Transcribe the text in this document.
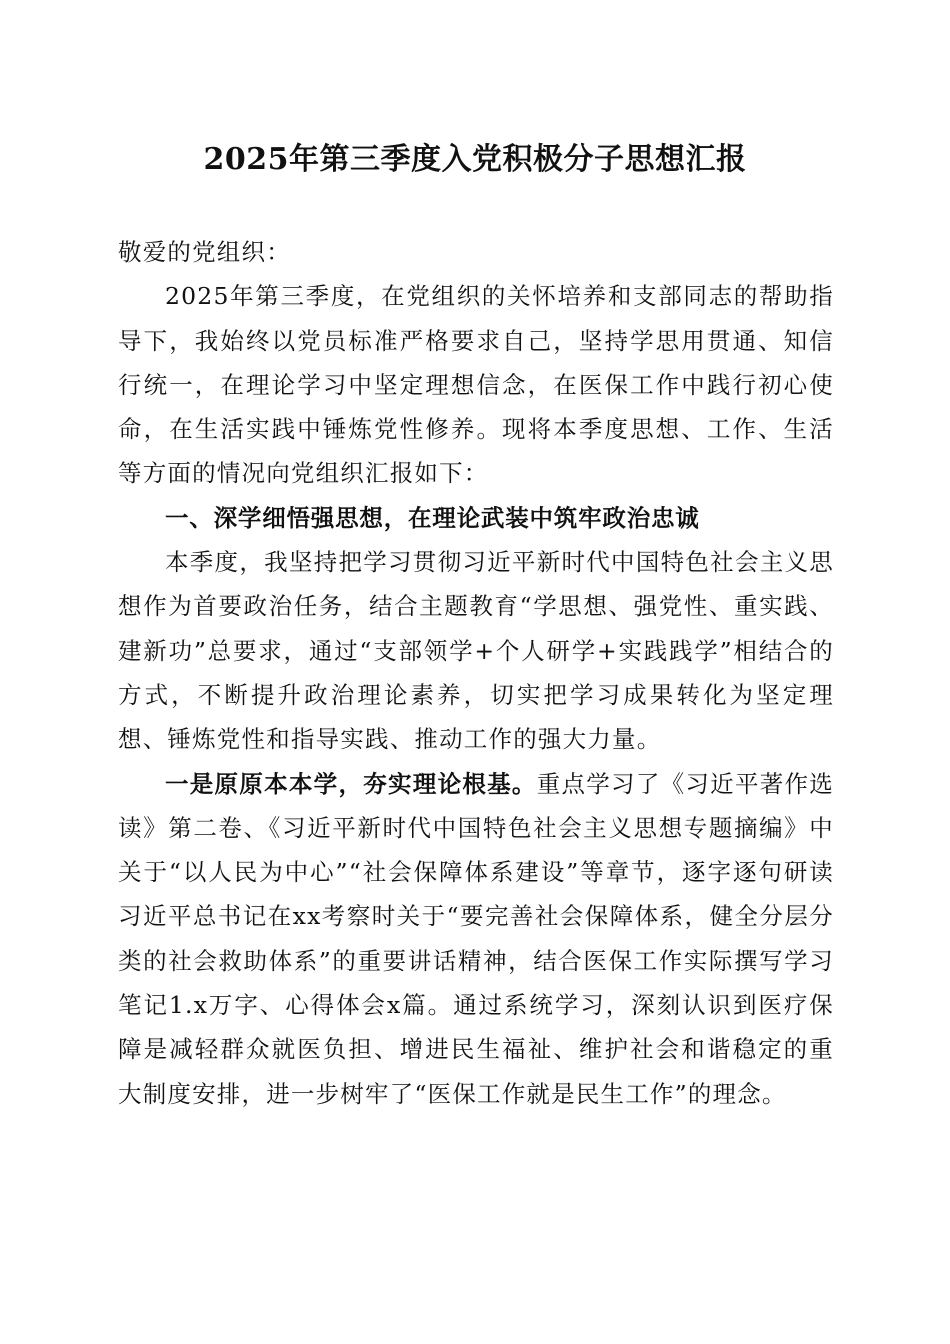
2025年第三季度入党积极分子思想汇报

敬爱的党组织：

2025年第三季度，在党组织的关怀培养和支部同志的帮助指导下，我始终以党员标准严格要求自己，坚持学思用贯通、知信行统一，在理论学习中坚定理想信念，在医保工作中践行初心使命，在生活实践中锤炼党性修养。现将本季度思想、工作、生活等方面的情况向党组织汇报如下：

一、深学细悟强思想，在理论武装中筑牢政治忠诚

本季度，我坚持把学习贯彻习近平新时代中国特色社会主义思想作为首要政治任务，结合主题教育“学思想、强党性、重实践、建新功”总要求，通过“支部领学+个人研学+实践践学”相结合的方式，不断提升政治理论素养，切实把学习成果转化为坚定理想、锤炼党性和指导实践、推动工作的强大力量。

一是原原本本学，夯实理论根基。重点学习了《习近平著作选读》第二卷、《习近平新时代中国特色社会主义思想专题摘编》中关于“以人民为中心”“社会保障体系建设”等章节，逐字逐句研读习近平总书记在xx考察时关于“要完善社会保障体系，健全分层分类的社会救助体系”的重要讲话精神，结合医保工作实际撰写学习笔记1.x万字、心得体会x篇。通过系统学习，深刻认识到医疗保障是减轻群众就医负担、增进民生福祉、维护社会和谐稳定的重大制度安排，进一步树牢了“医保工作就是民生工作”的理念。
